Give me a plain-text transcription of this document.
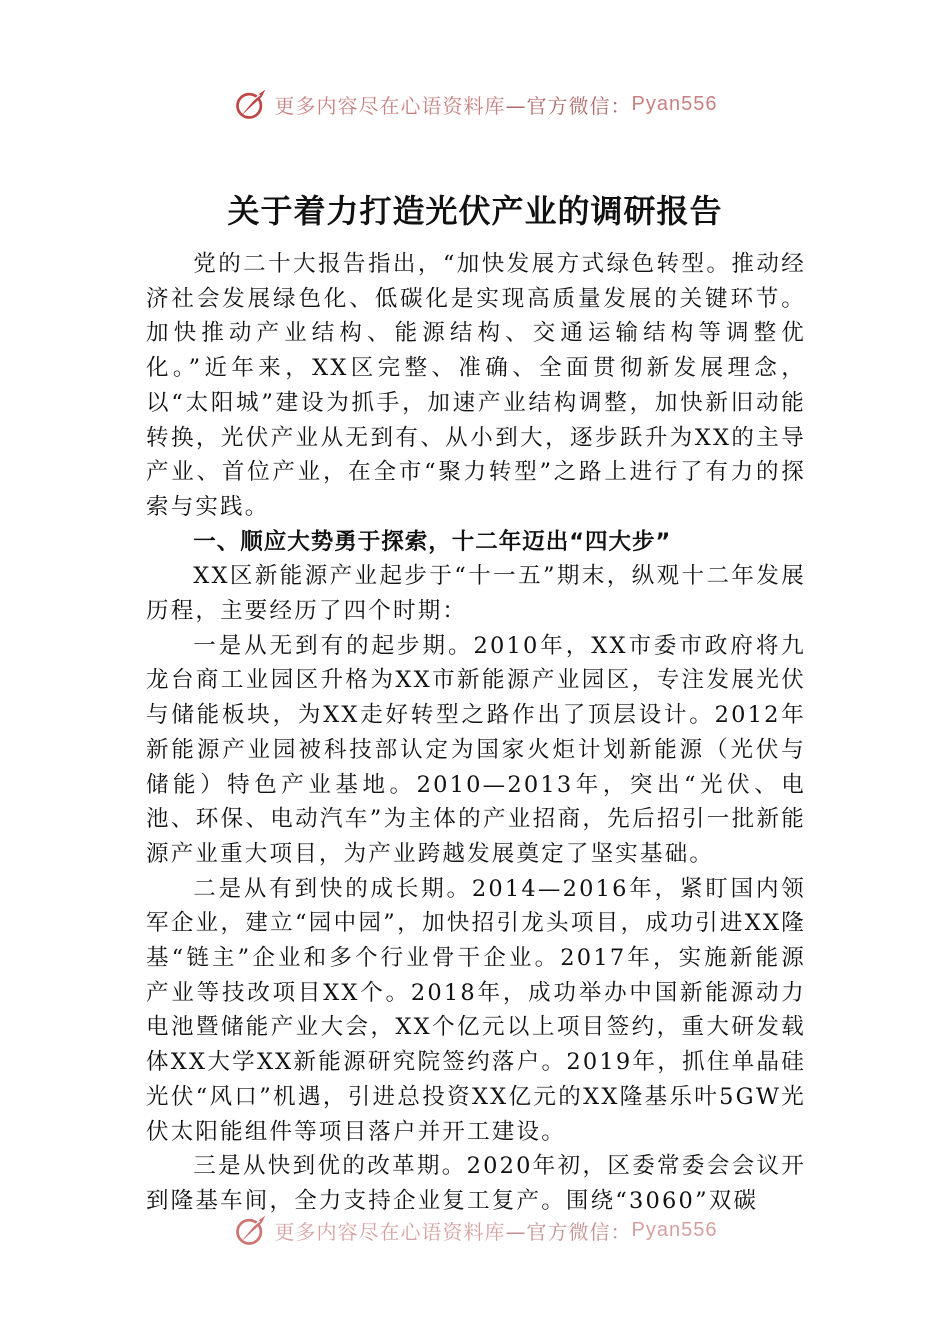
更多内容尽在心语资料库 —官方微信： Pyan556
关于着力打造光伏产业的调研报告

党的二十大报告指出，“加快发展方式绿色转型。推动经济社会发展绿色化、低碳化是实现高质量发展的关键环节。加快推动产业结构、能源结构、交通运输结构等调整优化。”近年来，XX区完整、准确、全面贯彻新发展理念，以“太阳城”建设为抓手，加速产业结构调整，加快新旧动能转换，光伏产业从无到有、从小到大，逐步跃升为XX的主导产业、首位产业，在全市“聚力转型”之路上进行了有力的探索与实践。

一、顺应大势勇于探索，十二年迈出“四大步”

XX区新能源产业起步于“十一五”期末，纵观十二年发展历程，主要经历了四个时期：

一是从无到有的起步期。2010年，XX市委市政府将九龙台商工业园区升格为XX市新能源产业园区，专注发展光伏与储能板块，为XX走好转型之路作出了顶层设计。2012年新能源产业园被科技部认定为国家火炬计划新能源（光伏与储能）特色产业基地。2010—2013年，突出“光伏、电池、环保、电动汽车”为主体的产业招商，先后招引一批新能源产业重大项目，为产业跨越发展奠定了坚实基础。

二是从有到快的成长期。2014—2016年，紧盯国内领军企业，建立“园中园”，加快招引龙头项目，成功引进XX隆基“链主”企业和多个行业骨干企业。2017年，实施新能源产业等技改项目XX个。2018年，成功举办中国新能源动力电池暨储能产业大会，XX个亿元以上项目签约，重大研发载体XX大学XX新能源研究院签约落户。2019年，抓住单晶硅光伏“风口”机遇，引进总投资XX亿元的XX隆基乐叶5GW光伏太阳能组件等项目落户并开工建设。

三是从快到优的改革期。2020年初，区委常委会会议开到隆基车间，全力支持企业复工复产。围绕“3060”双碳

更多内容尽在心语资料库 —官方微信： Pyan556
